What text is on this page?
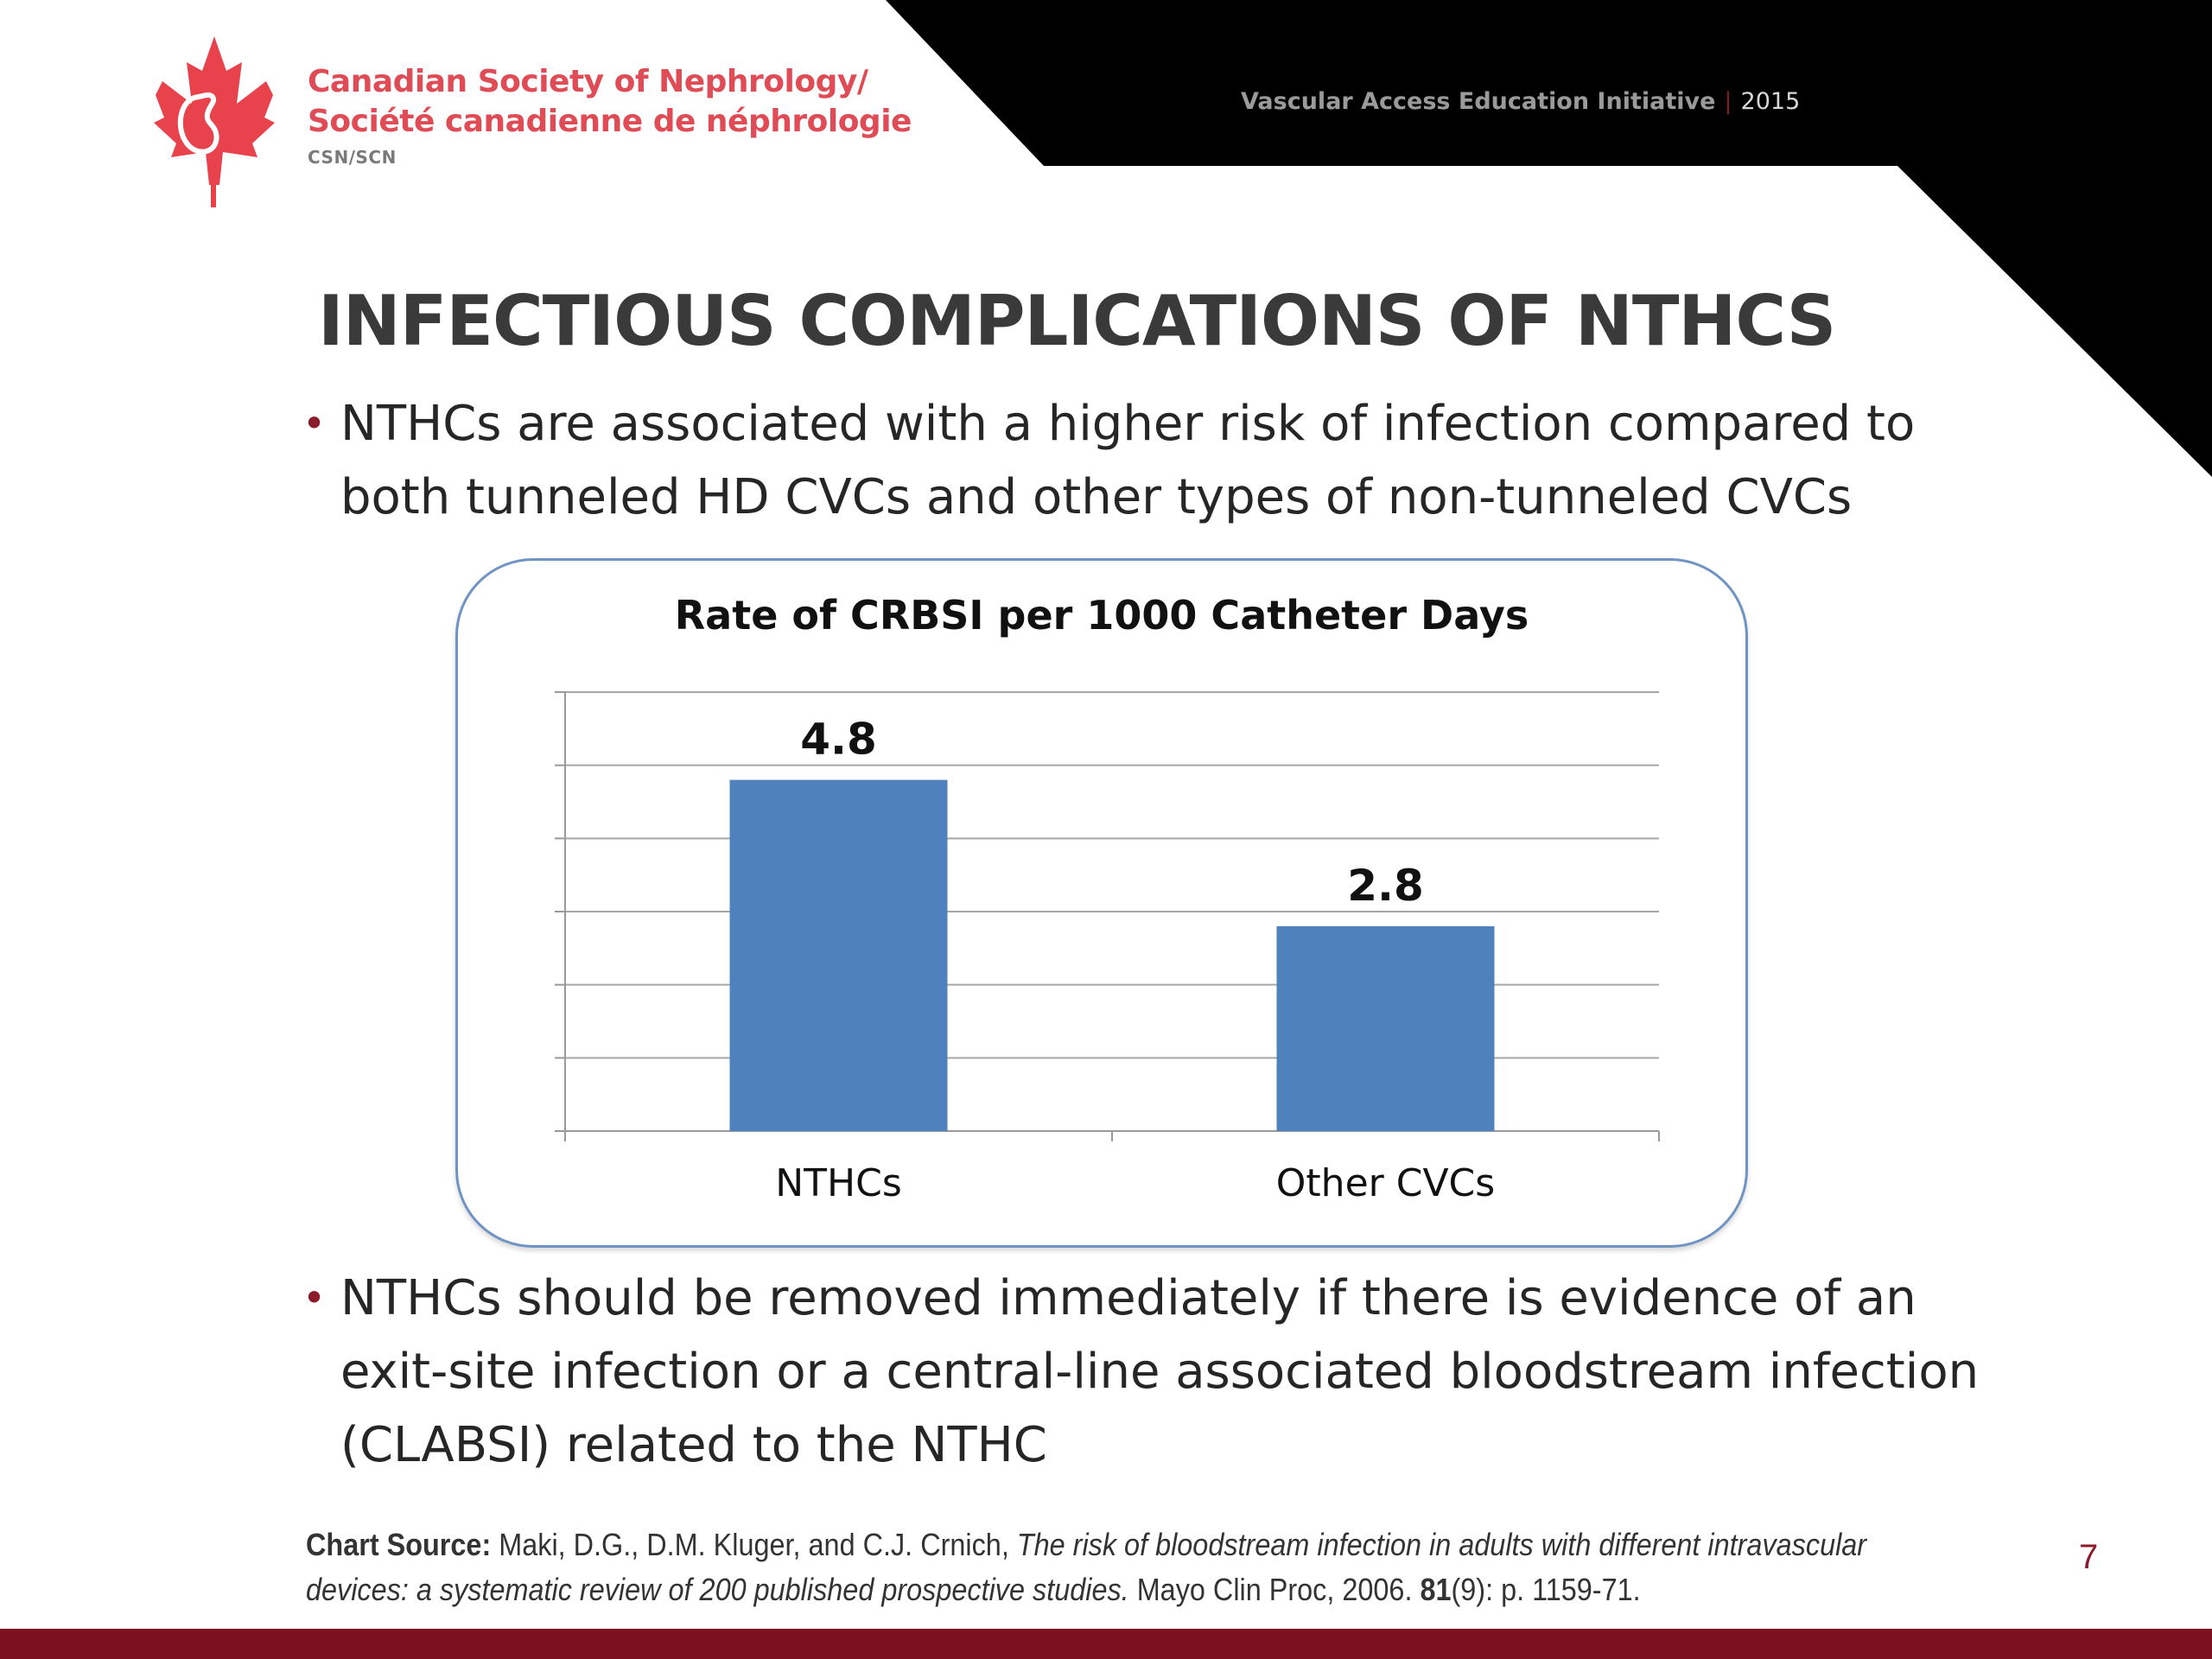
Canadian Society of Nephrology/
Société canadienne de néphrologie
CSN/SCN
Vascular Access Education Initiative | 2015
INFECTIOUS COMPLICATIONS OF NTHCS
• NTHCs are associated with a higher risk of infection compared to both tunneled HD CVCs and other types of non-tunneled CVCs
Rate of CRBSI per 1000 Catheter Days
4.8
NTHCs
2.8
Other CVCs
• NTHCs should be removed immediately if there is evidence of an exit-site infection or a central-line associated bloodstream infection (CLABSI) related to the NTHC
Chart Source: Maki, D.G., D.M. Kluger, and C.J. Crnich, The risk of bloodstream infection in adults with different intravascular devices: a systematic review of 200 published prospective studies. Mayo Clin Proc, 2006. 81(9): p. 1159-71.
7
